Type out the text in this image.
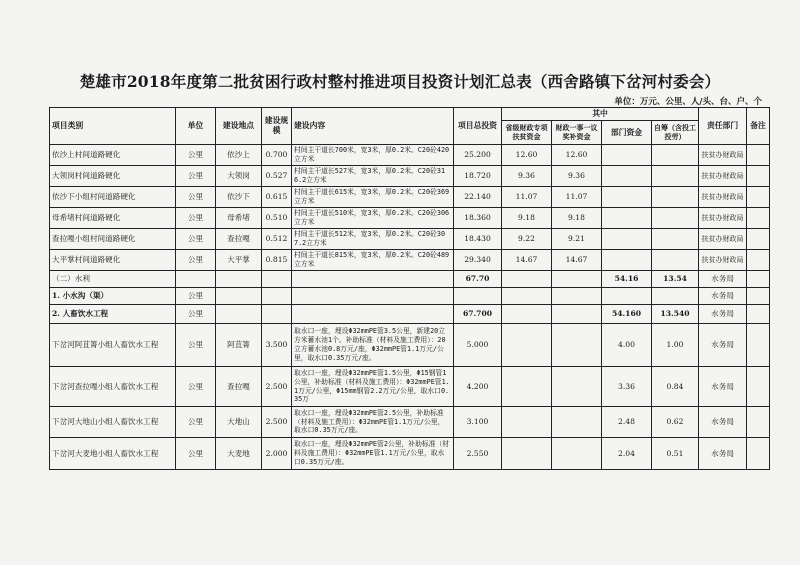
楚雄市2018年度第二批贫困行政村整村推进项目投资计划汇总表（西舍路镇下岔河村委会）
单位：万元、公里、人/头、台、户、个
项目类别	单位	建设地点	建设规模	建设内容	项目总投资	其中				责任部门	备注
						省级财政专项扶贫资金	财政一事一议奖补资金	部门资金	自筹（含投工投劳）		
依沙上村间道路硬化	公里	依沙上	0.700	村间主干道长700米，宽3米，厚0.2米。C20砼420立方米	25.200	12.60	12.60			扶贫办财政局	
大领岗村间道路硬化	公里	大领岗	0.527	村间主干道长527米，宽3米，厚0.2米。C20砼316.2立方米	18.720	9.36	9.36			扶贫办财政局	
依沙下小组村间道路硬化	公里	依沙下	0.615	村间主干道长615米，宽3米，厚0.2米。C20砼369立方米	22.140	11.07	11.07			扶贫办财政局	
母希堵村间道路硬化	公里	母希堵	0.510	村间主干道长510米，宽3米，厚0.2米。C20砼306立方米	18.360	9.18	9.18			扶贫办财政局	
查拉嘎小组村间道路硬化	公里	查拉嘎	0.512	村间主干道长512米，宽3米，厚0.2米。C20砼307.2立方米	18.430	9.22	9.21			扶贫办财政局	
大平掌村间道路硬化	公里	大平掌	0.815	村间主干道长815米，宽3米，厚0.2米。C20砼489立方米	29.340	14.67	14.67			扶贫办财政局	
（二）水利					67.70			54.16	13.54	水务局	
1. 小水沟（渠）	公里									水务局	
2. 人畜饮水工程	公里				67.700			54.160	13.540	水务局	
下岔河阿苴箐小组人畜饮水工程	公里	阿苴箐	3.500	取水口一座，埋设Φ32mmPE管3.5公里，新建20立方米蓄水池1个。补助标准（材料及施工费用）：20立方蓄水池0.8万元/座，Φ32mmPE管1.1万元/公里，取水口0.35万元/座。	5.000			4.00	1.00	水务局	
下岔河查拉嘎小组人畜饮水工程	公里	查拉嘎	2.500	取水口一座，埋设Φ32mmPE管1.5公里，Φ15钢管1公里，补助标准（材料及施工费用）：Φ32mmPE管1.1万元/公里，Φ15mm钢管2.2万元/公里，取水口0.35万	4.200			3.36	0.84	水务局	
下岔河大地山小组人畜饮水工程	公里	大地山	2.500	取水口一座，埋设Φ32mmPE管2.5公里，补助标准（材料及施工费用）：Φ32mmPE管1.1万元/公里，取水口0.35万元/座。	3.100			2.48	0.62	水务局	
下岔河大麦地小组人畜饮水工程	公里	大麦地	2.000	取水口一座，埋设Φ32mmPE管2公里，补助标准（材料及施工费用）：Φ32mmPE管1.1万元/公里，取水口0.35万元/座。	2.550			2.04	0.51	水务局	
